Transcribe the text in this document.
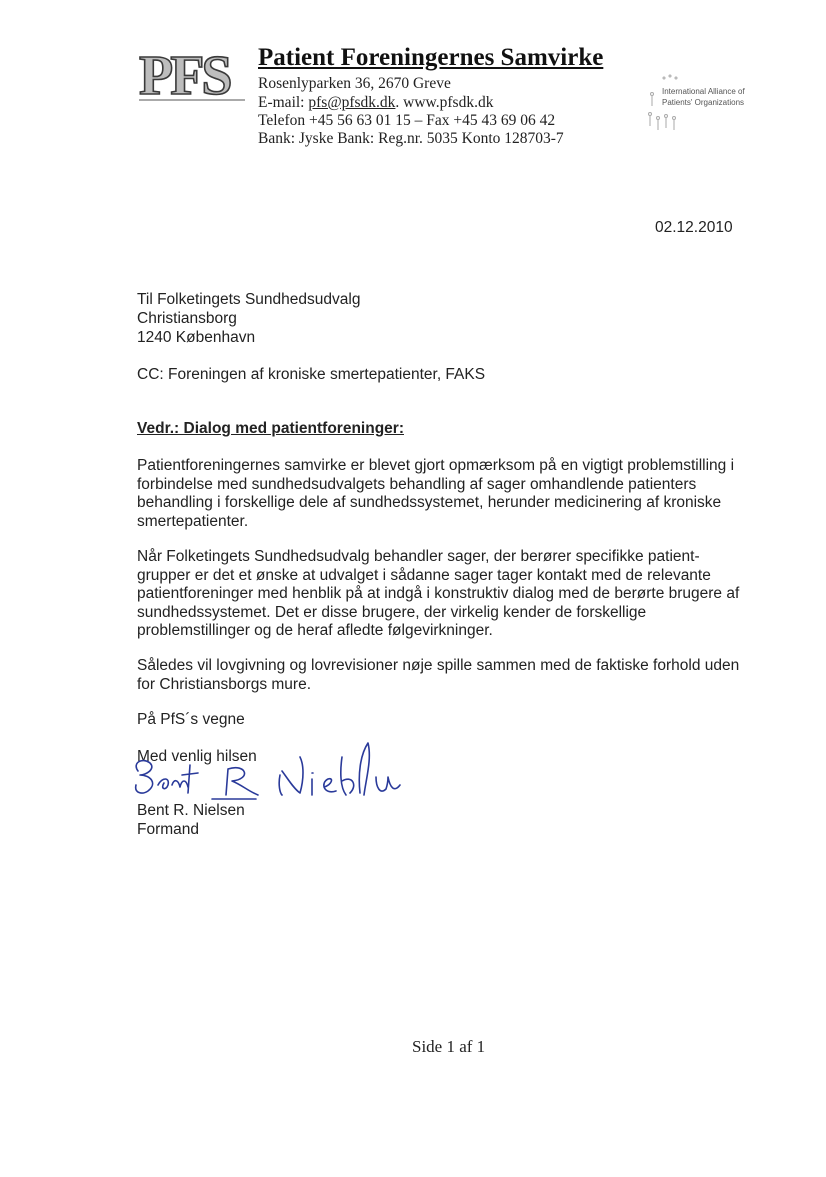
PFS Patient Foreningernes Samvirke
Rosenlyparken 36, 2670 Greve
E-mail: pfs@pfsdk.dk. www.pfsdk.dk
Telefon +45 56 63 01 15 – Fax +45 43 69 06 42
Bank: Jyske Bank: Reg.nr. 5035 Konto 128703-7
International Alliance of
Patients' Organizations
02.12.2010
Til Folketingets Sundhedsudvalg
Christiansborg
1240 København
CC: Foreningen af kroniske smertepatienter, FAKS
Vedr.: Dialog med patientforeninger:
Patientforeningernes samvirke er blevet gjort opmærksom på en vigtigt problemstilling i
forbindelse med sundhedsudvalgets behandling af sager omhandlende patienters
behandling i forskellige dele af sundhedssystemet, herunder medicinering af kroniske
smertepatienter.
Når Folketingets Sundhedsudvalg behandler sager, der berører specifikke patient-
grupper er det et ønske at udvalget i sådanne sager tager kontakt med de relevante
patientforeninger med henblik på at indgå i konstruktiv dialog med de berørte brugere af
sundhedssystemet. Det er disse brugere, der virkelig kender de forskellige
problemstillinger og de heraf afledte følgevirkninger.
Således vil lovgivning og lovrevisioner nøje spille sammen med de faktiske forhold uden
for Christiansborgs mure.
På PfS´s vegne
Med venlig hilsen
Bent R. Nielsen
Formand
Side 1 af 1
